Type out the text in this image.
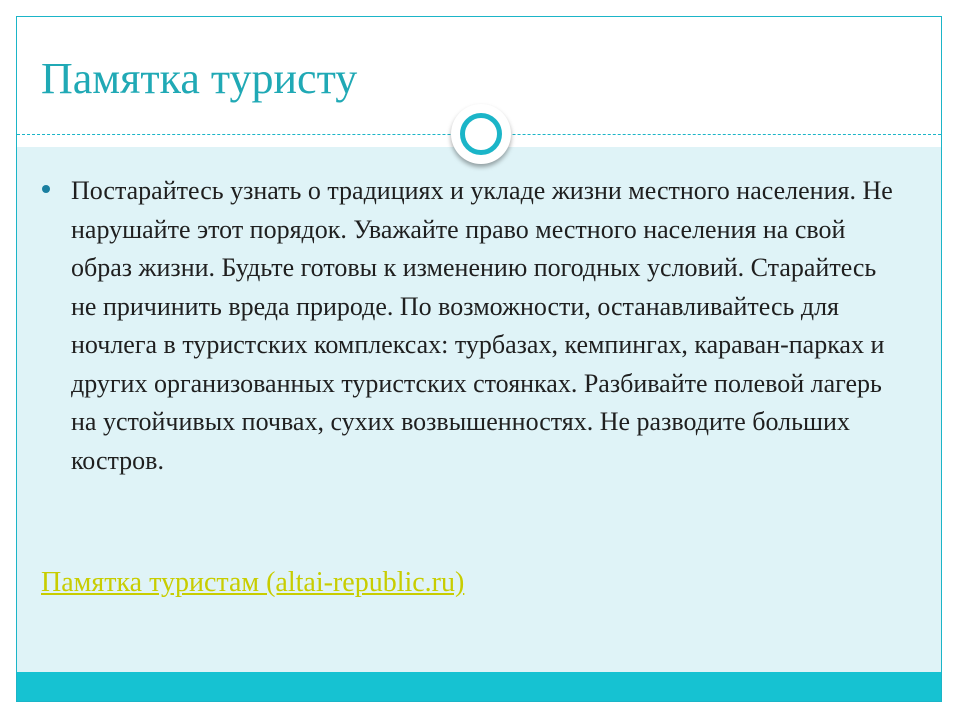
Памятка туристу
Постарайтесь узнать о традициях и укладе жизни местного населения. Не нарушайте этот порядок. Уважайте право местного населения на свой образ жизни. Будьте готовы к изменению погодных условий. Старайтесь не причинить вреда природе. По возможности, останавливайтесь для ночлега в туристских комплексах: турбазах, кемпингах, караван-парках и других организованных туристских стоянках. Разбивайте полевой лагерь на устойчивых почвах, сухих возвышенностях. Не разводите больших костров.
Памятка туристам (altai-republic.ru)
